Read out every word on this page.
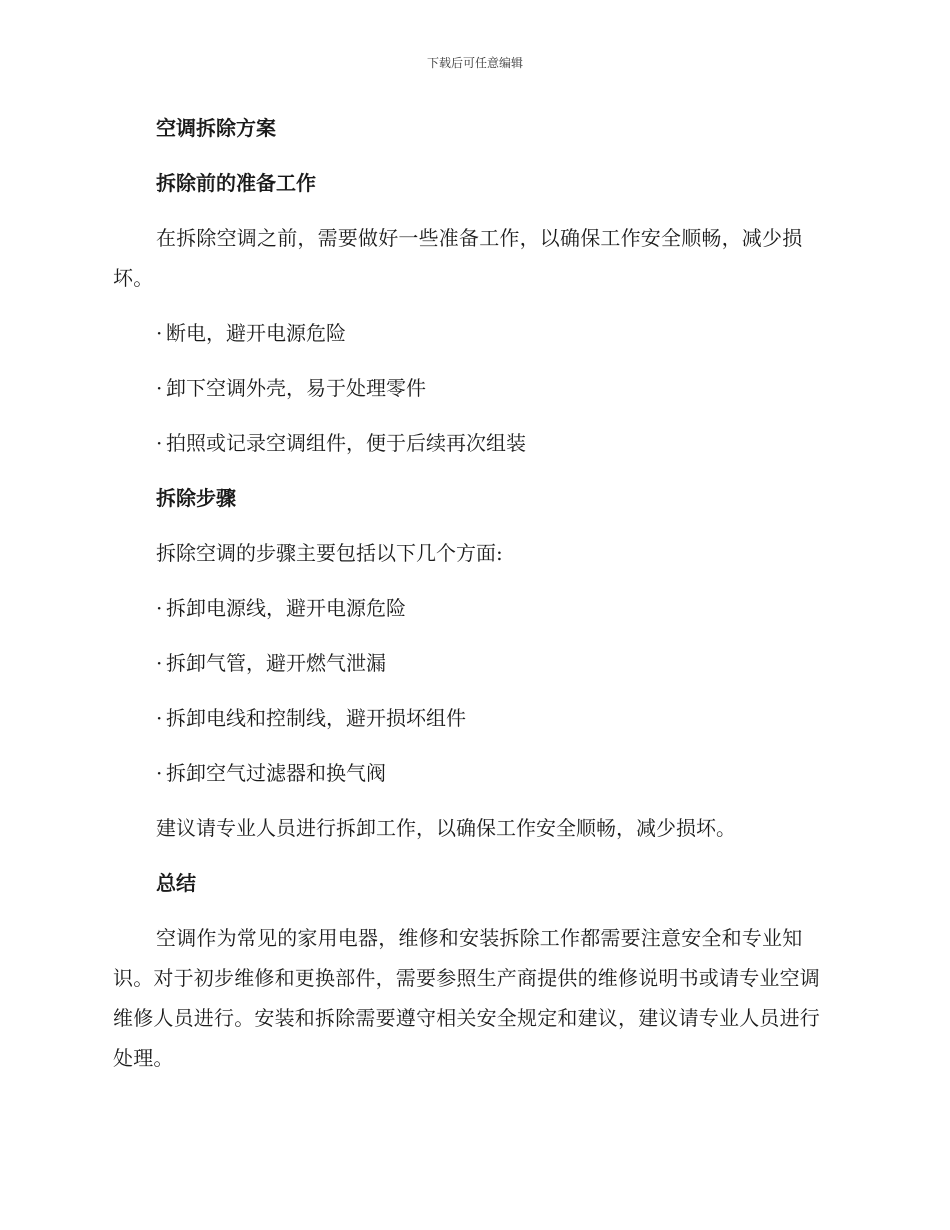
下载后可任意编辑
空调拆除方案
拆除前的准备工作
在拆除空调之前，需要做好一些准备工作，以确保工作安全顺畅，减少损坏。
· 断电，避开电源危险
· 卸下空调外壳，易于处理零件
· 拍照或记录空调组件，便于后续再次组装
拆除步骤
拆除空调的步骤主要包括以下几个方面:
· 拆卸电源线，避开电源危险
· 拆卸气管，避开燃气泄漏
· 拆卸电线和控制线，避开损坏组件
· 拆卸空气过滤器和换气阀
建议请专业人员进行拆卸工作，以确保工作安全顺畅，减少损坏。
总结
空调作为常见的家用电器，维修和安装拆除工作都需要注意安全和专业知识。对于初步维修和更换部件，需要参照生产商提供的维修说明书或请专业空调维修人员进行。安装和拆除需要遵守相关安全规定和建议，建议请专业人员进行处理。
